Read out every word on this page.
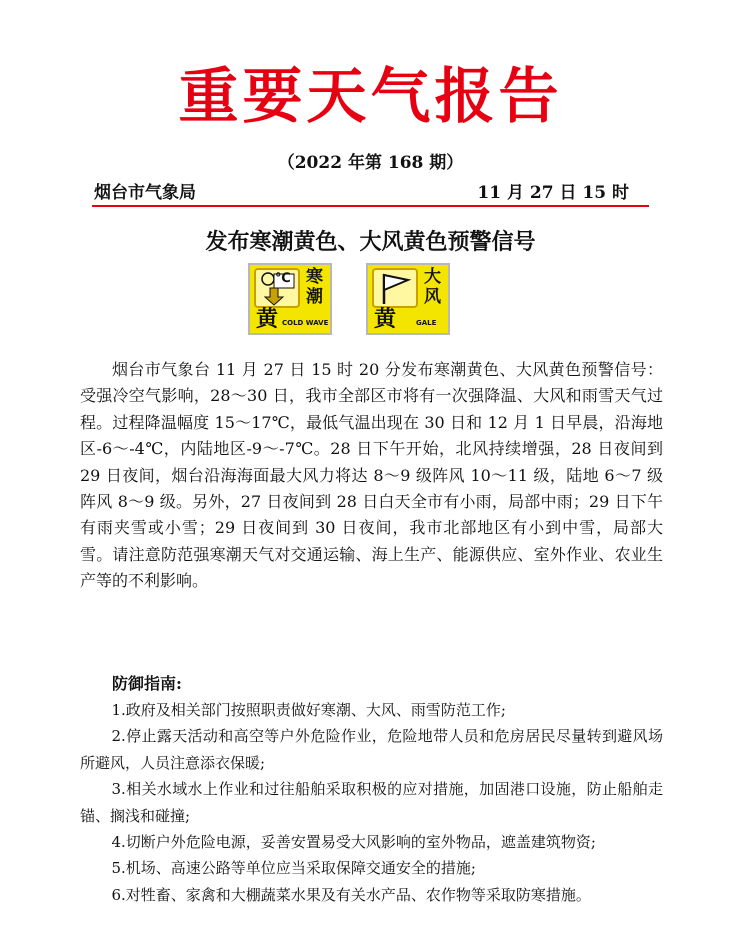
重要天气报告
（2022 年第 168 期）
烟台市气象局	11 月 27 日 15 时
发布寒潮黄色、大风黄色预警信号
℃ 寒
潮
黄 COLD WAVE
大
风
黄	GALE

烟台市气象台 11 月 27 日 15 时 20 分发布寒潮黄色、大风黄色预警信号：受强冷空气影响，28～30 日，我市全部区市将有一次强降温、大风和雨雪天气过程。过程降温幅度 15～17℃，最低气温出现在 30 日和 12 月 1 日早晨，沿海地区-6～-4℃，内陆地区-9～-7℃。28 日下午开始，北风持续增强，28 日夜间到 29 日夜间，烟台沿海海面最大风力将达 8～9 级阵风 10～11 级，陆地 6～7 级阵风 8～9 级。另外，27 日夜间到 28 日白天全市有小雨，局部中雨；29 日下午有雨夹雪或小雪；29 日夜间到 30 日夜间，我市北部地区有小到中雪，局部大雪。请注意防范强寒潮天气对交通运输、海上生产、能源供应、室外作业、农业生产等的不利影响。

防御指南:

1.政府及相关部门按照职责做好寒潮、大风、雨雪防范工作;

2.停止露天活动和高空等户外危险作业，危险地带人员和危房居民尽量转到避风场所避风，人员注意添衣保暖;

3.相关水域水上作业和过往船舶采取积极的应对措施，加固港口设施，防止船舶走锚、搁浅和碰撞;

4.切断户外危险电源，妥善安置易受大风影响的室外物品，遮盖建筑物资;

5.机场、高速公路等单位应当采取保障交通安全的措施;

6.对牲畜、家禽和大棚蔬菜水果及有关水产品、农作物等采取防寒措施。
